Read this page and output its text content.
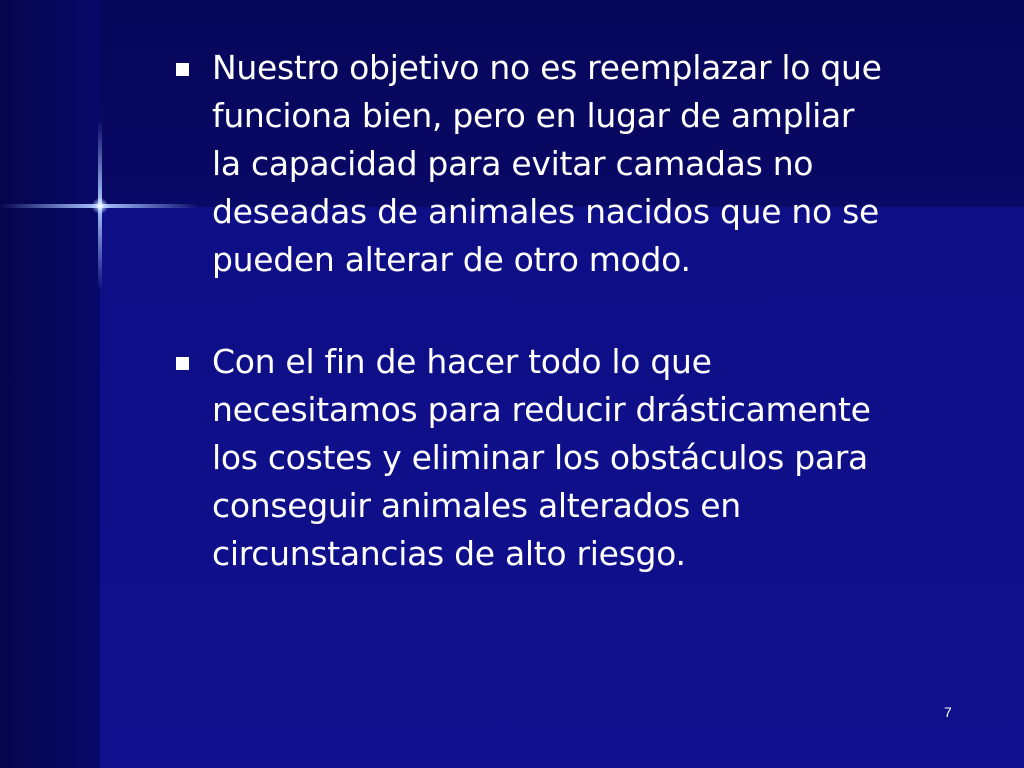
Nuestro objetivo no es reemplazar lo que funciona bien, pero en lugar de ampliar la capacidad para evitar camadas no deseadas de animales nacidos que no se pueden alterar de otro modo.
Con el fin de hacer todo lo que necesitamos para reducir drásticamente los costes y eliminar los obstáculos para conseguir animales alterados en circunstancias de alto riesgo.
7
